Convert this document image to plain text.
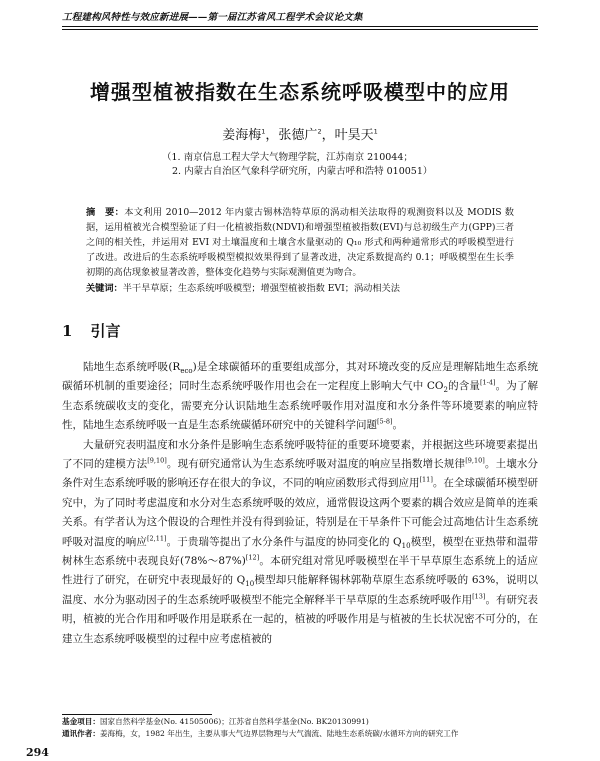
工程建构风特性与效应新进展——第一届江苏省风工程学术会议论文集
增强型植被指数在生态系统呼吸模型中的应用
姜海梅$^1$，张德广$^2$，叶昊天$^1$
（1. 南京信息工程大学大气物理学院，江苏南京 210044；
2. 内蒙古自治区气象科学研究所，内蒙古呼和浩特 010051）
摘　要：本文利用 2010—2012 年内蒙古锡林浩特草原的涡动相关法取得的观测资料以及 MODIS 数据，运用植被光合模型验证了归一化植被指数(NDVI)和增强型植被指数(EVI)与总初级生产力(GPP)三者之间的相关性，并运用对 EVI 对土壤温度和土壤含水量驱动的 Q₁₀ 形式和两种通常形式的呼吸模型进行了改进。改进后的生态系统呼吸模型模拟效果得到了显著改进，决定系数提高约 0.1；呼吸模型在生长季初期的高估现象被显著改善，整体变化趋势与实际观测值更为吻合。
关键词：半干旱草原；生态系统呼吸模型；增强型植被指数 EVI；涡动相关法
1 引言

陆地生态系统呼吸$(R_{eco})$是全球碳循环的重要组成部分，其对环境改变的反应是理解陆地生态系统碳循环机制的重要途径；同时生态系统呼吸作用也会在一定程度上影响大气中 $CO_2$的含量[1-4]。为了解生态系统碳收支的变化，需要充分认识陆地生态系统呼吸作用对温度和水分条件等环境要素的响应特性，陆地生态系统呼吸一直是生态系统碳循环研究中的关键科学问题[5-8]。

大量研究表明温度和水分条件是影响生态系统呼吸特征的重要环境要素，并根据这些环境要素提出了不同的建模方法[9,10]。现有研究通常认为生态系统呼吸对温度的响应呈指数增长规律[9,10]。土壤水分条件对生态系统呼吸的影响还存在很大的争议，不同的响应函数形式得到应用[11]。在全球碳循环模型研究中，为了同时考虑温度和水分对生态系统呼吸的效应，通常假设这两个要素的耦合效应是简单的连乘关系。有学者认为这个假设的合理性并没有得到验证，特别是在干旱条件下可能会过高地估计生态系统呼吸对温度的响应[2,11]。于贵瑞等提出了水分条件与温度的协同变化的 $Q_{10}$模型，模型在亚热带和温带树林生态系统中表现良好(78%～87%)[12]。本研究组对常见呼吸模型在半干旱草原生态系统上的适应性进行了研究，在研究中表现最好的 $Q_{10}$模型却只能解释锡林郭勒草原生态系统呼吸的 63%，说明以温度、水分为驱动因子的生态系统呼吸模型不能完全解释半干旱草原的生态系统呼吸作用[13]。有研究表明，植被的光合作用和呼吸作用是联系在一起的，植被的呼吸作用是与植被的生长状况密不可分的，在建立生态系统呼吸模型的过程中应考虑植被的

基金项目：国家自然科学基金(No. 41505006)；江苏省自然科学基金(No. BK20130991)
通讯作者：姜海梅，女，1982 年出生，主要从事大气边界层物理与大气湍流、陆地生态系统碳/水循环方向的研究工作
294
